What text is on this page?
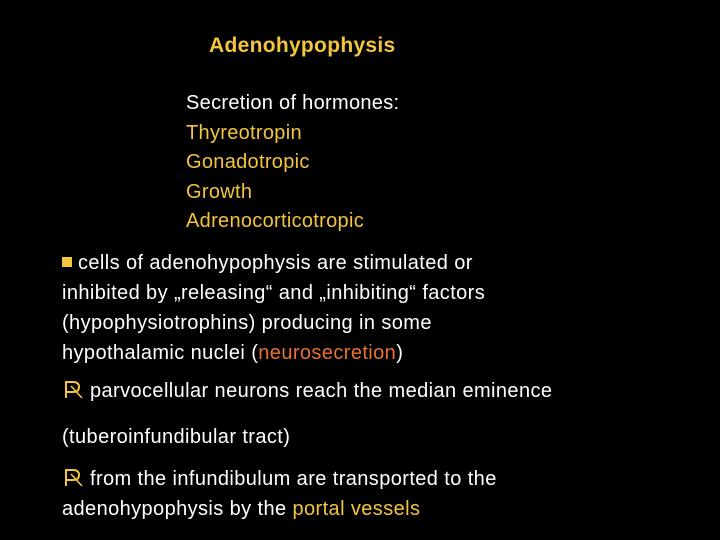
Adenohypophysis
Secretion of hormones:
Thyreotropin
Gonadotropic
Growth
Adrenocorticotropic
cells of adenohypophysis are stimulated or
inhibited by „releasing“ and „inhibiting“ factors
(hypophysiotrophins) producing in some
hypothalamic nuclei (neurosecretion)
parvocellular neurons reach the median eminence
(tuberoinfundibular tract)
from the infundibulum are transported to the
adenohypophysis by the portal vessels
